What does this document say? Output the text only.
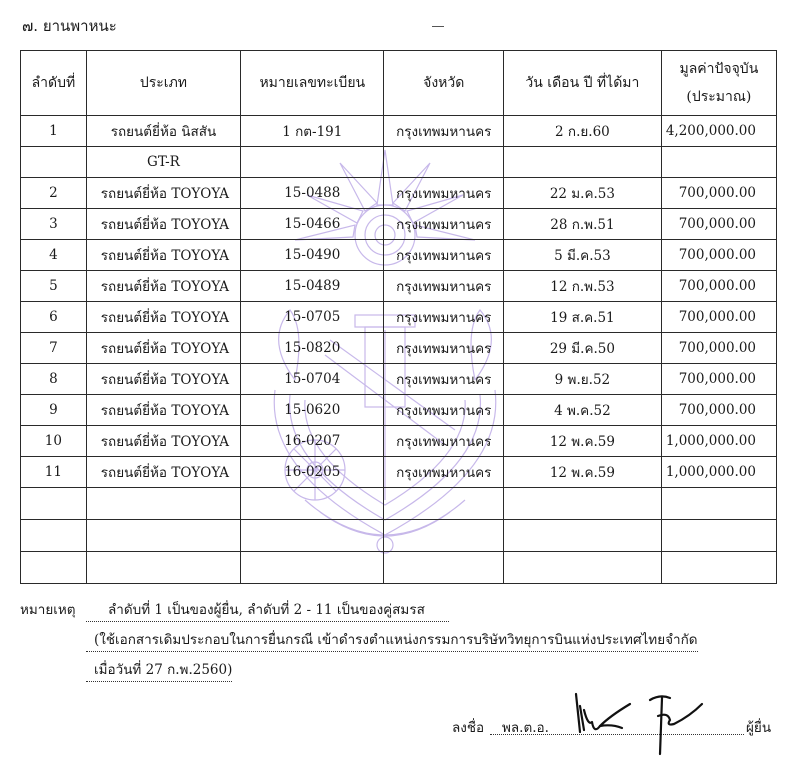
๗. ยานพาหนะ
ลำดับที่	ประเภท	หมายเลขทะเบียน	จังหวัด	วัน เดือน ปี ที่ได้มา	มูลค่าปัจจุบัน
(ประมาณ)

1	รถยนต์ยี่ห้อ นิสสัน	1 กต-191	กรุงเทพมหานคร	2 ก.ย.60	4,200,000.00
	GT-R				
2	รถยนต์ยี่ห้อ TOYOYA	15-0488	กรุงเทพมหานคร	22 ม.ค.53	700,000.00
3	รถยนต์ยี่ห้อ TOYOYA	15-0466	กรุงเทพมหานคร	28 ก.พ.51	700,000.00
4	รถยนต์ยี่ห้อ TOYOYA	15-0490	กรุงเทพมหานคร	5 มี.ค.53	700,000.00
5	รถยนต์ยี่ห้อ TOYOYA	15-0489	กรุงเทพมหานคร	12 ก.พ.53	700,000.00
6	รถยนต์ยี่ห้อ TOYOYA	15-0705	กรุงเทพมหานคร	19 ส.ค.51	700,000.00
7	รถยนต์ยี่ห้อ TOYOYA	15-0820	กรุงเทพมหานคร	29 มี.ค.50	700,000.00
8	รถยนต์ยี่ห้อ TOYOYA	15-0704	กรุงเทพมหานคร	9 พ.ย.52	700,000.00
9	รถยนต์ยี่ห้อ TOYOYA	15-0620	กรุงเทพมหานคร	4 พ.ค.52	700,000.00
10	รถยนต์ยี่ห้อ TOYOYA	16-0207	กรุงเทพมหานคร	12 พ.ค.59	1,000,000.00
11	รถยนต์ยี่ห้อ TOYOYA	16-0205	กรุงเทพมหานคร	12 พ.ค.59	1,000,000.00

หมายเหตุ	ลำดับที่ 1 เป็นของผู้ยื่น, ลำดับที่ 2 - 11 เป็นของคู่สมรส
(ใช้เอกสารเดิมประกอบในการยื่นกรณี เข้าดำรงตำแหน่งกรรมการบริษัทวิทยุการบินแห่งประเทศไทยจำกัด
เมื่อวันที่ 27 ก.พ.2560)
ลงชื่อ พล.ต.อ.	ผู้ยื่น
